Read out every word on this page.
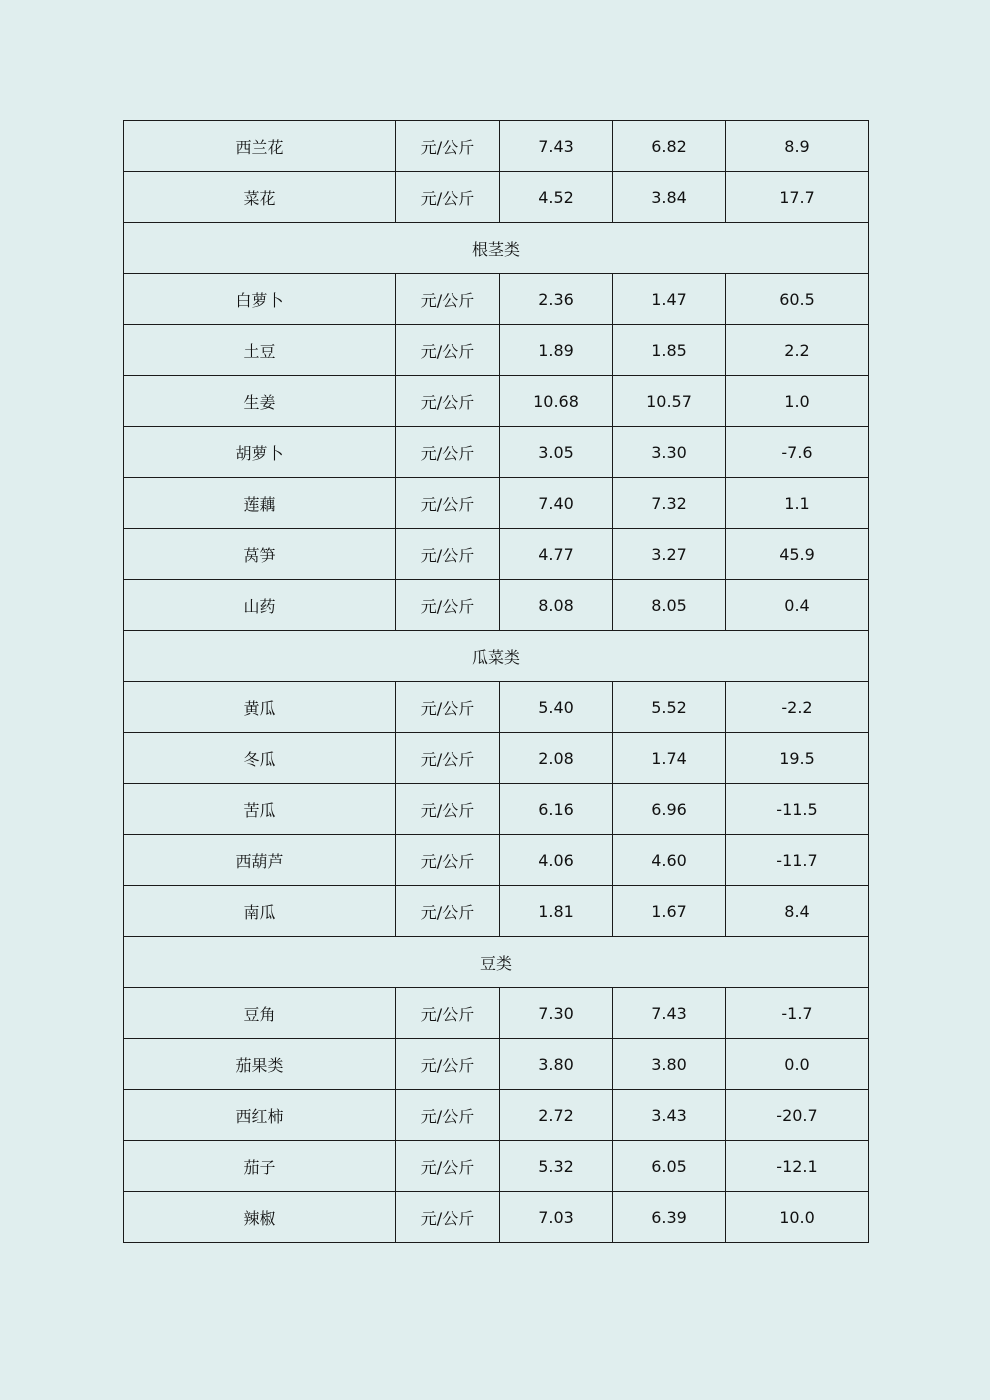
西兰花	元/公斤	7.43	6.82	8.9
菜花	元/公斤	4.52	3.84	17.7
根茎类				
白萝卜	元/公斤	2.36	1.47	60.5
土豆	元/公斤	1.89	1.85	2.2
生姜	元/公斤	10.68	10.57	1.0
胡萝卜	元/公斤	3.05	3.30	-7.6
莲藕	元/公斤	7.40	7.32	1.1
莴笋	元/公斤	4.77	3.27	45.9
山药	元/公斤	8.08	8.05	0.4
瓜菜类				
黄瓜	元/公斤	5.40	5.52	-2.2
冬瓜	元/公斤	2.08	1.74	19.5
苦瓜	元/公斤	6.16	6.96	-11.5
西葫芦	元/公斤	4.06	4.60	-11.7
南瓜	元/公斤	1.81	1.67	8.4
豆类				
豆角	元/公斤	7.30	7.43	-1.7
茄果类	元/公斤	3.80	3.80	0.0
西红柿	元/公斤	2.72	3.43	-20.7
茄子	元/公斤	5.32	6.05	-12.1
辣椒	元/公斤	7.03	6.39	10.0
